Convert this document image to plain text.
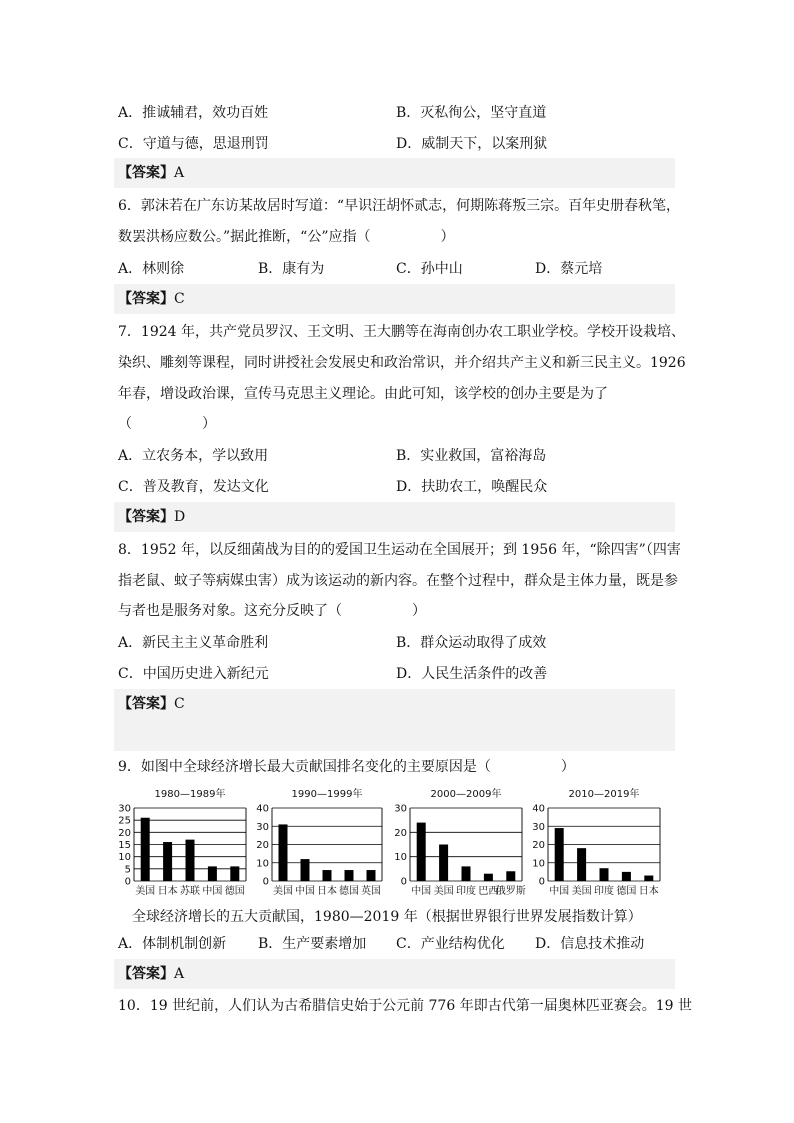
A．推诚辅君，效功百姓	B．灭私徇公，坚守直道
C．守道与德，思退刑罚	D．威制天下，以案刑狱
【答案】A
6．郭沫若在广东访某故居时写道：“早识汪胡怀贰志，何期陈蒋叛三宗。百年史册春秋笔，
数罢洪杨应数公。”据此推断，“公”应指（　　　　　）
A．林则徐	B．康有为	C．孙中山	D．蔡元培
【答案】C
7．1924 年，共产党员罗汉、王文明、王大鹏等在海南创办农工职业学校。学校开设栽培、
染织、雕刻等课程，同时讲授社会发展史和政治常识，并介绍共产主义和新三民主义。1926
年春，增设政治课，宣传马克思主义理论。由此可知，该学校的创办主要是为了
（　　　　　）
A．立农务本，学以致用	B．实业救国，富裕海岛
C．普及教育，发达文化	D．扶助农工，唤醒民众
【答案】D
8．1952 年，以反细菌战为目的的爱国卫生运动在全国展开；到 1956 年，“除四害”（四害
指老鼠、蚊子等病媒虫害）成为该运动的新内容。在整个过程中，群众是主体力量，既是参
与者也是服务对象。这充分反映了（　　　　　）
A．新民主主义革命胜利	B．群众运动取得了成效
C．中国历史进入新纪元	D．人民生活条件的改善
【答案】C
9．如图中全球经济增长最大贡献国排名变化的主要原因是（　　　　　）
1980—1989年
0
5
10
15
20
25
30
美国 日本 苏联 中国 德国
1990—1999年
0
10
20
30
40
美国 中国 日本 德国 英国
2000—2009年
0
10
20
30
中国 美国 印度 巴西
俄罗斯
2010—2019年
0
10
20
30
40
中国 美国 印度 德国 日本
全球经济增长的五大贡献国，1980—2019 年（根据世界银行世界发展指数计算）
A．体制机制创新 B．生产要素增加 C．产业结构优化 D．信息技术推动
【答案】A
10．19 世纪前，人们认为古希腊信史始于公元前 776 年即古代第一届奥林匹亚赛会。19 世
